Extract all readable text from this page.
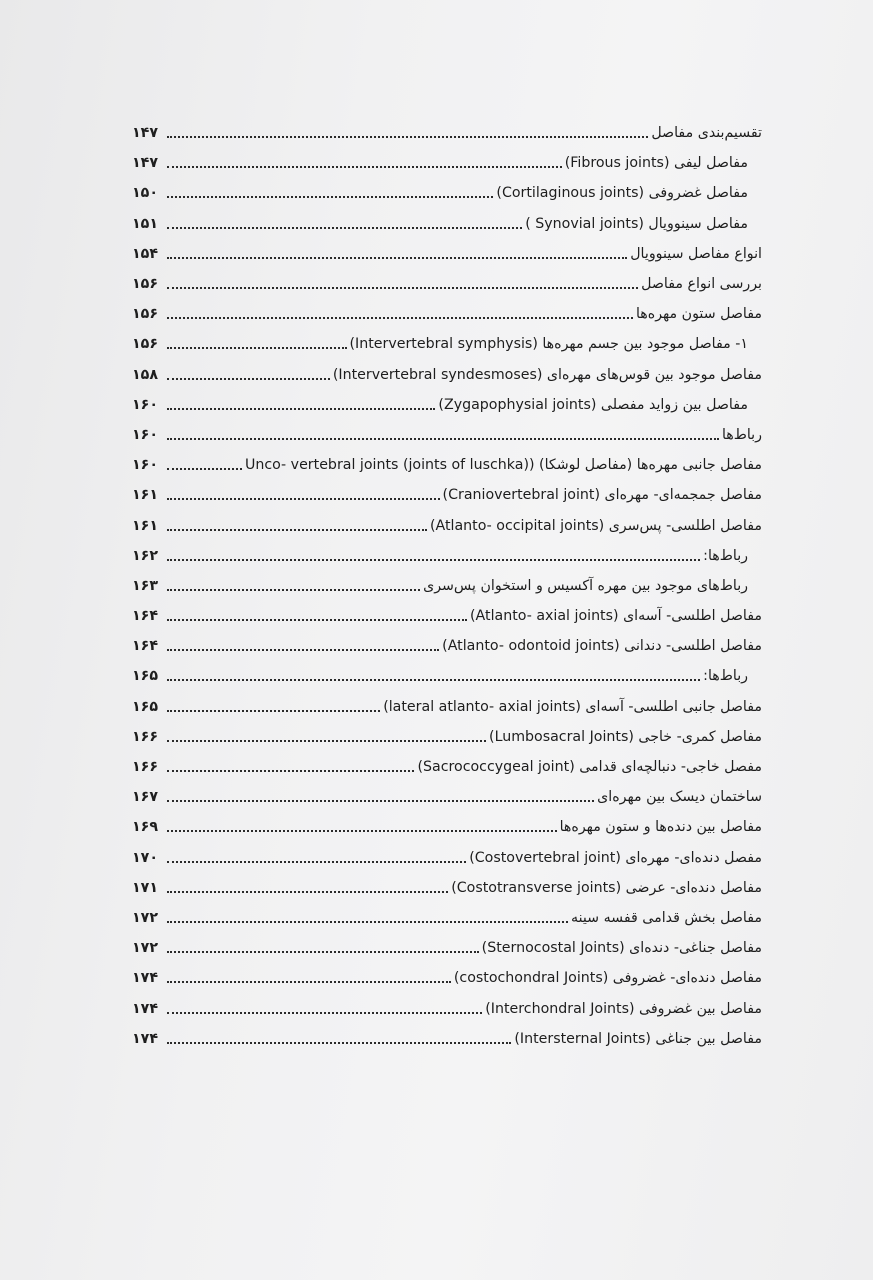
۱۴۷	تقسیم‌بندی مفاصل
۱۴۷	مفاصل لیفی (Fibrous joints)
۱۵۰	مفاصل غضروفی (Cortilaginous joints)
۱۵۱	مفاصل سینوویال (Synovial joints )
۱۵۴	انواع مفاصل سینوویال
۱۵۶	بررسی انواع مفاصل
۱۵۶	مفاصل ستون مهره‌ها
۱۵۶	۱- مفاصل موجود بین جسم مهره‌ها (Intervertebral symphysis)
۱۵۸	مفاصل موجود بین قوس‌های مهره‌ای (Intervertebral syndesmoses)
۱۶۰	مفاصل بین زواید مفصلی (Zygapophysial joints)
۱۶۰	رباط‌ها
۱۶۰	مفاصل جانبی مهره‌ها (مفاصل لوشکا) (Unco- vertebral joints (joints of luschka)
۱۶۱	مفاصل جمجمه‌ای- مهره‌ای (Craniovertebral joint)
۱۶۱	مفاصل اطلسی- پس‌سری (Atlanto- occipital joints)
۱۶۲	رباط‌ها:
۱۶۳	رباط‌های موجود بین مهره آکسیس و استخوان پس‌سری
۱۶۴	مفاصل اطلسی- آسه‌ای (Atlanto- axial joints)
۱۶۴	مفاصل اطلسی- دندانی (Atlanto- odontoid joints)
۱۶۵	رباط‌ها:
۱۶۵	مفاصل جانبی اطلسی- آسه‌ای (lateral atlanto- axial joints)
۱۶۶	مفاصل کمری- خاجی (Lumbosacral Joints)
۱۶۶	مفصل خاجی- دنبالچه‌ای قدامی (Sacrococcygeal joint)
۱۶۷	ساختمان دیسک بین مهره‌ای
۱۶۹	مفاصل بین دنده‌ها و ستون مهره‌ها
۱۷۰	مفصل دنده‌ای- مهره‌ای (Costovertebral joint)
۱۷۱	مفاصل دنده‌ای- عرضی (Costotransverse joints)
۱۷۲	مفاصل بخش قدامی قفسه سینه
۱۷۲	مفاصل جناغی- دنده‌ای (Sternocostal Joints)
۱۷۴	مفاصل دنده‌ای- غضروفی (costochondral Joints)
۱۷۴	مفاصل بین غضروفی (Interchondral Joints)
۱۷۴	مفاصل بین جناغی (Intersternal Joints)
